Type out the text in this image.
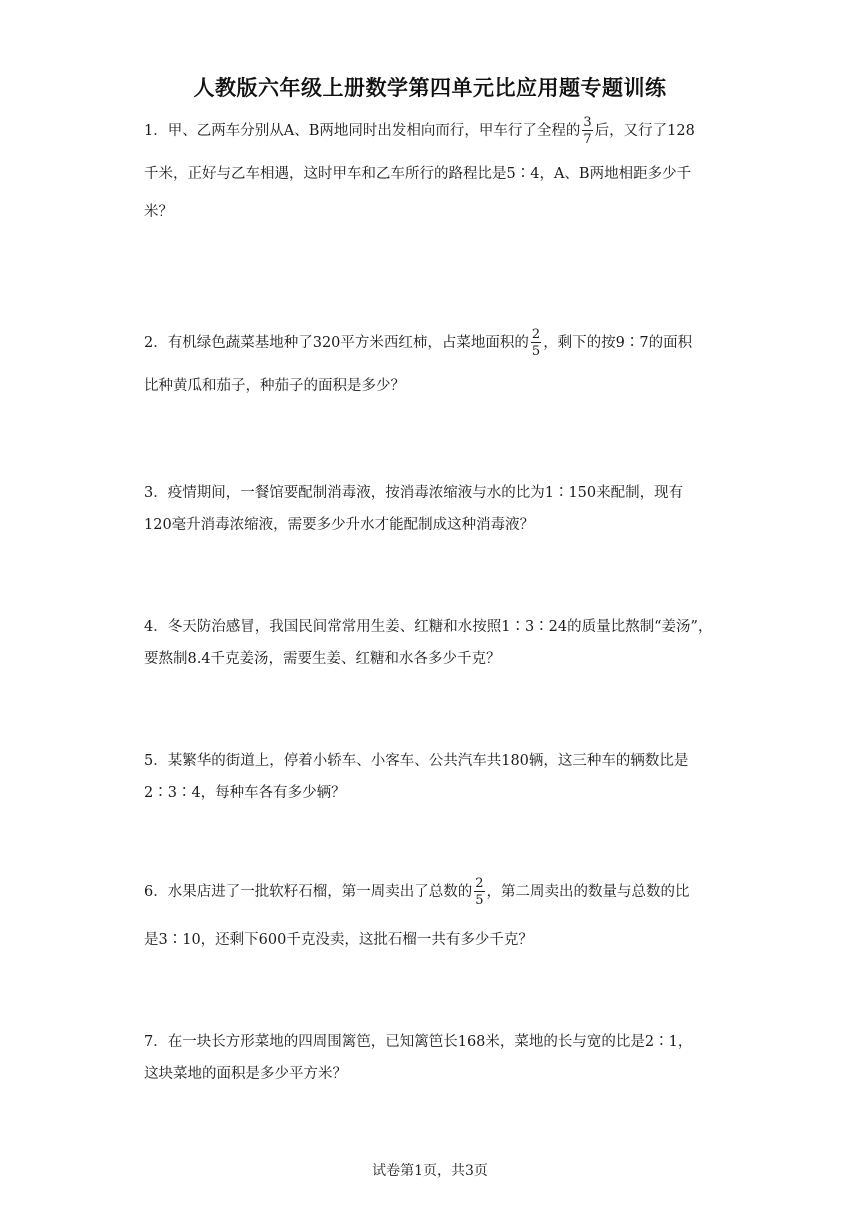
人教版六年级上册数学第四单元比应用题专题训练
1．甲、乙两车分别从A、B两地同时出发相向而行，甲车行了全程的 $\frac{3}{7}$ 后，又行了128
千米，正好与乙车相遇，这时甲车和乙车所行的路程比是5∶4，A、B两地相距多少千
米？
2．有机绿色蔬菜基地种了320平方米西红柿，占菜地面积的 $\frac{2}{5}$ ，剩下的按9∶7的面积
比种黄瓜和茄子，种茄子的面积是多少？
3．疫情期间，一餐馆要配制消毒液，按消毒浓缩液与水的比为1∶150来配制，现有
120毫升消毒浓缩液，需要多少升水才能配制成这种消毒液？
4．冬天防治感冒，我国民间常常用生姜、红糖和水按照1∶3∶24的质量比熬制“姜汤”，
要熬制8.4千克姜汤，需要生姜、红糖和水各多少千克？
5．某繁华的街道上，停着小轿车、小客车、公共汽车共180辆，这三种车的辆数比是
2∶3∶4，每种车各有多少辆？
6．水果店进了一批软籽石榴，第一周卖出了总数的 $\frac{2}{5}$ ，第二周卖出的数量与总数的比
是3∶10，还剩下600千克没卖，这批石榴一共有多少千克？
7．在一块长方形菜地的四周围篱笆，已知篱笆长168米，菜地的长与宽的比是2∶1，
这块菜地的面积是多少平方米？
试卷第1页，共3页
